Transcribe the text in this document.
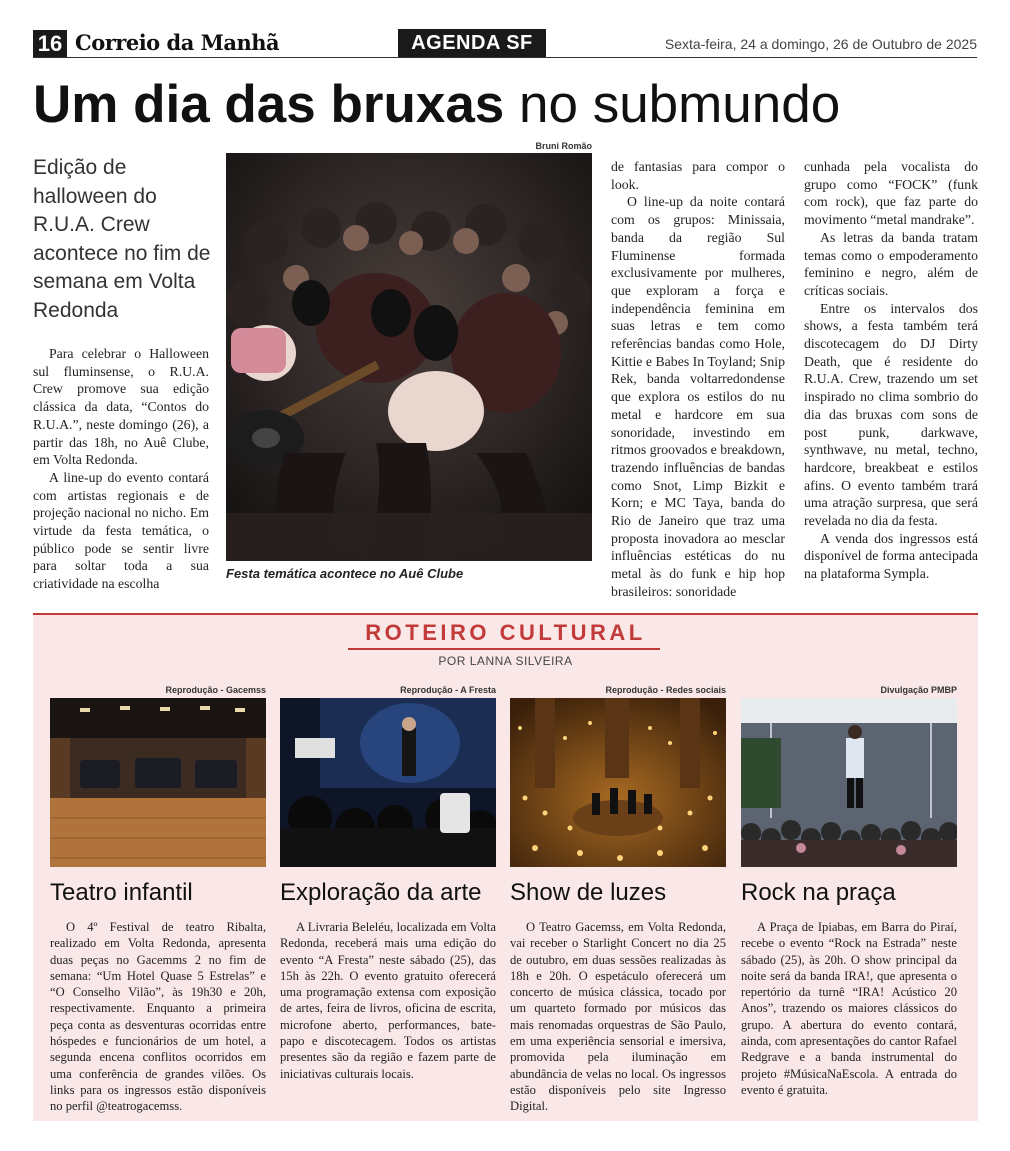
16 Correio da Manhã	AGENDA SF	Sexta-feira, 24 a domingo, 26 de Outubro de 2025
Um dia das bruxas no submundo
Edição de halloween do R.U.A. Crew acontece no fim de semana em Volta Redonda

Para celebrar o Halloween sul fluminsense, o R.U.A. Crew promove sua edição clássica da data, “Contos do R.U.A.”, neste domingo (26), a partir das 18h, no Auê Clube, em Volta Redonda.

A line-up do evento contará com artistas regionais e de projeção nacional no nicho. Em virtude da festa temática, o público pode se sentir livre para soltar toda a sua criatividade na escolha

Bruni Romão
Festa temática acontece no Auê Clube

de fantasias para compor o look.

O line-up da noite contará com os grupos: Minissaia, banda da região Sul Fluminense formada exclusivamente por mulheres, que exploram a força e independência feminina em suas letras e tem como referências bandas como Hole, Kittie e Babes In Toyland; Snip Rek, banda voltarredondense que explora os estilos do nu metal e hardcore em sua sonoridade, investindo em ritmos groovados e breakdown, trazendo influências de bandas como Snot, Limp Bizkit e Korn; e MC Taya, banda do Rio de Janeiro que traz uma proposta inovadora ao mesclar influências estéticas do nu metal às do funk e hip hop brasileiros: sonoridade

cunhada pela vocalista do grupo como “FOCK” (funk com rock), que faz parte do movimento “metal mandrake”.

As letras da banda tratam temas como o empoderamento feminino e negro, além de críticas sociais.

Entre os intervalos dos shows, a festa também terá discotecagem do DJ Dirty Death, que é residente do R.U.A. Crew, trazendo um set inspirado no clima sombrio do dia das bruxas com sons de post punk, darkwave, synthwave, nu metal, techno, hardcore, breakbeat e estilos afins. O evento também trará uma atração surpresa, que será revelada no dia da festa.

A venda dos ingressos está disponível de forma antecipada na plataforma Sympla.

ROTEIRO CULTURAL
POR LANNA SILVEIRA
Reprodução - Gacemss
Teatro infantil

O 4º Festival de teatro Ribalta, realizado em Volta Redonda, apresenta duas peças no Gacemms 2 no fim de semana: “Um Hotel Quase 5 Estrelas” e “O Conselho Vilão”, às 19h30 e 20h, respectivamente. Enquanto a primeira peça conta as desventuras ocorridas entre hóspedes e funcionários de um hotel, a segunda encena conflitos ocorridos em uma conferência de grandes vilões. Os links para os ingressos estão disponíveis no perfil @teatrogacemss.

Reprodução - A Fresta
Exploração da arte

A Livraria Beleléu, localizada em Volta Redonda, receberá mais uma edição do evento “A Fresta” neste sábado (25), das 15h às 22h. O evento gratuito oferecerá uma programação extensa com exposição de artes, feira de livros, oficina de escrita, microfone aberto, performances, bate-papo e discotecagem. Todos os artistas presentes são da região e fazem parte de iniciativas culturais locais.

Reprodução - Redes sociais
Show de luzes

O Teatro Gacemss, em Volta Redonda, vai receber o Starlight Concert no dia 25 de outubro, em duas sessões realizadas às 18h e 20h. O espetáculo oferecerá um concerto de música clássica, tocado por um quarteto formado por músicos das mais renomadas orquestras de São Paulo, em uma experiência sensorial e imersiva, promovida pela iluminação em abundância de velas no local. Os ingressos estão disponíveis pelo site Ingresso Digital.

Divulgação PMBP
Rock na praça

A Praça de Ipiabas, em Barra do Piraí, recebe o evento “Rock na Estrada” neste sábado (25), às 20h. O show principal da noite será da banda IRA!, que apresenta o repertório da turnê “IRA! Acústico 20 Anos”, trazendo os maiores clássicos do grupo. A abertura do evento contará, ainda, com apresentações do cantor Rafael Redgrave e a banda instrumental do projeto #MúsicaNaEscola. A entrada do evento é gratuita.
